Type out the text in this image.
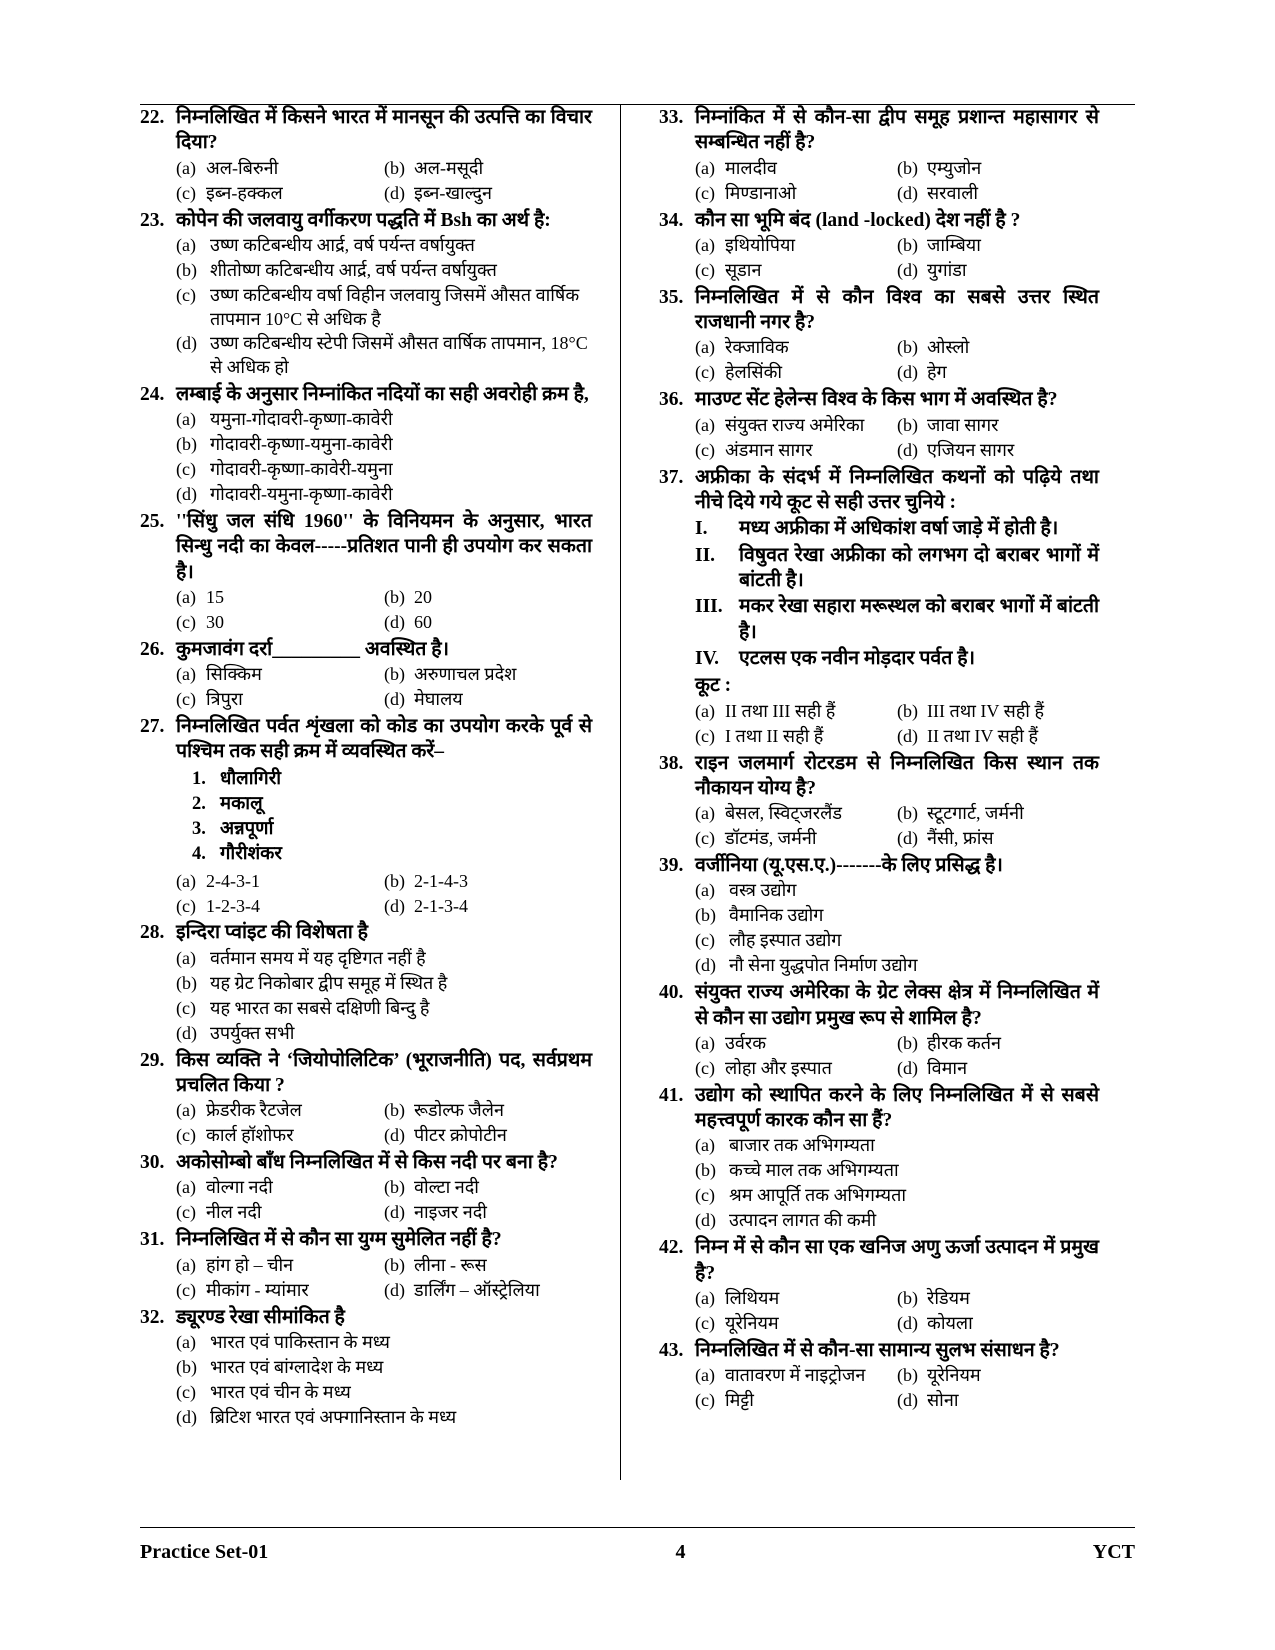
22. निम्नलिखित में किसने भारत में मानसून की उत्पत्ति का विचार दिया?
(a) अल-बिरुनी	(b) अल-मसूदी
(c) इब्न-हक्कल	(d) इब्न-खाल्दुन
23. कोपेन की जलवायु वर्गीकरण पद्धति में Bsh का अर्थ है:
(a) उष्ण कटिबन्धीय आर्द्र, वर्ष पर्यन्त वर्षायुक्त
(b) शीतोष्ण कटिबन्धीय आर्द्र, वर्ष पर्यन्त वर्षायुक्त
(c) उष्ण कटिबन्धीय वर्षा विहीन जलवायु जिसमें औसत वार्षिक तापमान 10°C से अधिक है
(d) उष्ण कटिबन्धीय स्टेपी जिसमें औसत वार्षिक तापमान, 18°C से अधिक हो
24. लम्बाई के अनुसार निम्नांकित नदियों का सही अवरोही क्रम है,
(a) यमुना-गोदावरी-कृष्णा-कावेरी
(b) गोदावरी-कृष्णा-यमुना-कावेरी
(c) गोदावरी-कृष्णा-कावेरी-यमुना
(d) गोदावरी-यमुना-कृष्णा-कावेरी
25. ''सिंधु जल संधि 1960'' के विनियमन के अनुसार, भारत सिन्धु नदी का केवल-----प्रतिशत पानी ही उपयोग कर सकता है।
(a) 15	(b) 20
(c) 30	(d) 60
26. कुमजावंग दर्रा_________ अवस्थित है।
(a) सिक्किम	(b) अरुणाचल प्रदेश
(c) त्रिपुरा	(d) मेघालय
27. निम्नलिखित पर्वत शृंखला को कोड का उपयोग करके पूर्व से पश्चिम तक सही क्रम में व्यवस्थित करें–
1. धौलागिरी
2. मकालू
3. अन्नपूर्णा
4. गौरीशंकर
(a) 2-4-3-1	(b) 2-1-4-3
(c) 1-2-3-4	(d) 2-1-3-4
28. इन्दिरा प्वांइट की विशेषता है
(a) वर्तमान समय में यह दृष्टिगत नहीं है
(b) यह ग्रेट निकोबार द्वीप समूह में स्थित है
(c) यह भारत का सबसे दक्षिणी बिन्दु है
(d) उपर्युक्त सभी
29. किस व्यक्ति ने ‘जियोपोलिटिक’ (भूराजनीति) पद, सर्वप्रथम प्रचलित किया ?
(a) फ्रेडरीक रैटजेल	(b) रूडोल्फ जैलेन
(c) कार्ल हॉशोफर	(d) पीटर क्रोपोटीन
30. अकोसोम्बो बाँध निम्नलिखित में से किस नदी पर बना है?
(a) वोल्गा नदी	(b) वोल्टा नदी
(c) नील नदी	(d) नाइजर नदी
31. निम्नलिखित में से कौन सा युग्म सुमेलित नहीं है?
(a) हांग हो – चीन	(b) लीना - रूस
(c) मीकांग - म्यांमार	(d) डार्लिंग – ऑस्ट्रेलिया
32. ड्यूरण्ड रेखा सीमांकित है
(a) भारत एवं पाकिस्तान के मध्य
(b) भारत एवं बांग्लादेश के मध्य
(c) भारत एवं चीन के मध्य
(d) ब्रिटिश भारत एवं अफ्गानिस्तान के मध्य
33. निम्नांकित में से कौन-सा द्वीप समूह प्रशान्त महासागर से सम्बन्धित नहीं है?
(a) मालदीव	(b) एम्युजोन
(c) मिण्डानाओ	(d) सरवाली
34. कौन सा भूमि बंद (land -locked) देश नहीं है ?
(a) इथियोपिया	(b) जाम्बिया
(c) सूडान	(d) युगांडा
35. निम्नलिखित में से कौन विश्व का सबसे उत्तर स्थित राजधानी नगर है?
(a) रेक्जाविक	(b) ओस्लो
(c) हेलसिंकी	(d) हेग
36. माउण्ट सेंट हेलेन्स विश्व के किस भाग में अवस्थित है?
(a) संयुक्त राज्य अमेरिका	(b) जावा सागर
(c) अंडमान सागर	(d) एजियन सागर
37. अफ्रीका के संदर्भ में निम्नलिखित कथनों को पढ़िये तथा नीचे दिये गये कूट से सही उत्तर चुनिये :
I. मध्य अफ्रीका में अधिकांश वर्षा जाड़े में होती है।
II. विषुवत रेखा अफ्रीका को लगभग दो बराबर भागों में बांटती है।
III. मकर रेखा सहारा मरूस्थल को बराबर भागों में बांटती है।
IV. एटलस एक नवीन मोड़दार पर्वत है।
कूट :
(a) II तथा III सही हैं	(b) III तथा IV सही हैं
(c) I तथा II सही हैं	(d) II तथा IV सही हैं
38. राइन जलमार्ग रोटरडम से निम्नलिखित किस स्थान तक नौकायन योग्य है?
(a) बेसल, स्विट्जरलैंड	(b) स्टूटगार्ट, जर्मनी
(c) डॉटमंड, जर्मनी	(d) नैंसी, फ्रांस
39. वर्जीनिया (यू.एस.ए.)-------के लिए प्रसिद्ध है।
(a) वस्त्र उद्योग
(b) वैमानिक उद्योग
(c) लौह इस्पात उद्योग
(d) नौ सेना युद्धपोत निर्माण उद्योग
40. संयुक्त राज्य अमेरिका के ग्रेट लेक्स क्षेत्र में निम्नलिखित में से कौन सा उद्योग प्रमुख रूप से शामिल है?
(a) उर्वरक	(b) हीरक कर्तन
(c) लोहा और इस्पात	(d) विमान
41. उद्योग को स्थापित करने के लिए निम्नलिखित में से सबसे महत्त्वपूर्ण कारक कौन सा हैं?
(a) बाजार तक अभिगम्यता
(b) कच्चे माल तक अभिगम्यता
(c) श्रम आपूर्ति तक अभिगम्यता
(d) उत्पादन लागत की कमी
42. निम्न में से कौन सा एक खनिज अणु ऊर्जा उत्पादन में प्रमुख है?
(a) लिथियम	(b) रेडियम
(c) यूरेनियम	(d) कोयला
43. निम्नलिखित में से कौन-सा सामान्य सुलभ संसाधन है?
(a) वातावरण में नाइट्रोजन	(b) यूरेनियम
(c) मिट्टी	(d) सोना
Practice Set-01	4	YCT
